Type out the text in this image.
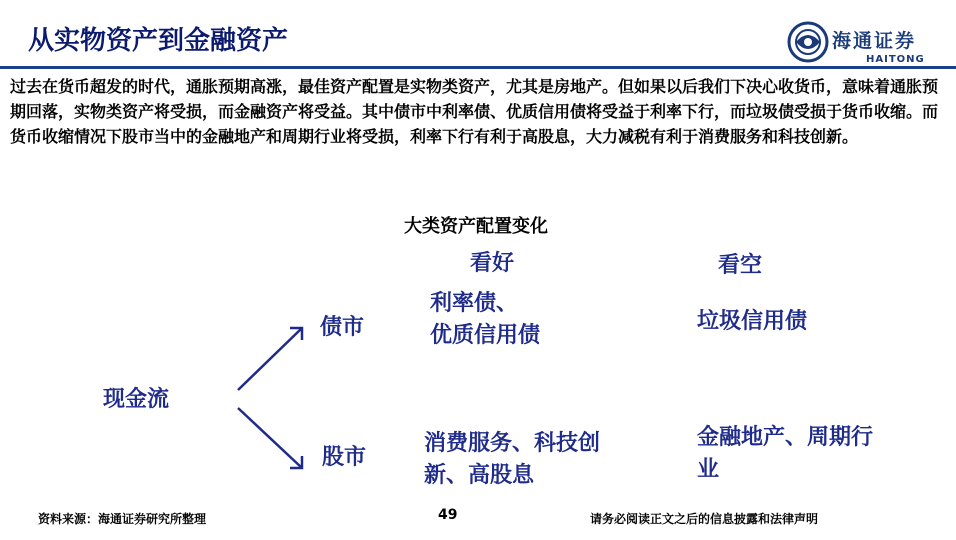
从实物资产到金融资产	海通证券
HAITONG
过去在货币超发的时代，通胀预期高涨，最佳资产配置是实物类资产，尤其是房地产。但如果以后我们下决心收货币，意味着通胀预期回落，实物类资产将受损，而金融资产将受益。其中债市中利率债、优质信用债将受益于利率下行，而垃圾债受损于货币收缩。而货币收缩情况下股市当中的金融地产和周期行业将受损，利率下行有利于高股息，大力减税有利于消费服务和科技创新。
大类资产配置变化
看好	看空
现金流
债市
利率债、
优质信用债
垃圾信用债
股市
消费服务、科技创
新、高股息
金融地产、周期行
业
资料来源：海通证券研究所整理	49	请务必阅读正文之后的信息披露和法律声明
